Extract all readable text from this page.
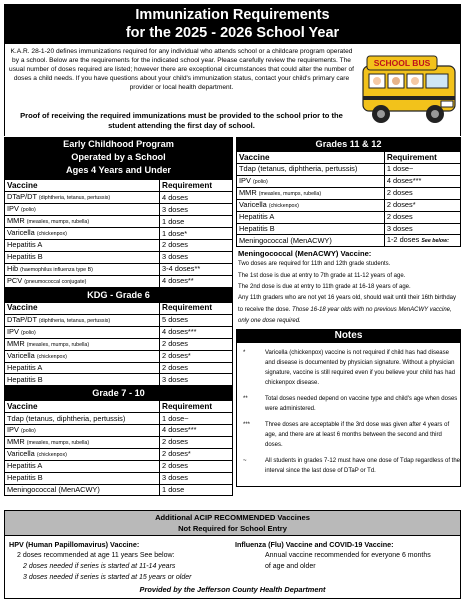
Immunization Requirements
for the 2025 - 2026 School Year
K.A.R. 28-1-20 defines immunizations required for any individual who attends school or a childcare program operated by a school. Below are the requirements for the indicated school year. Please carefully review the requirements. The usual number of doses required are listed; however there are exceptional circumstances that could alter the number of doses a child needs. If you have questions about your child's immunization status, contact your child's primary care provider or local health department.
Proof of receiving the required immunizations must be provided to the school prior to the student attending the first day of school.
SCHOOL BUS
Early Childhood Program
Operated by a School
Ages 4 Years and Under
Vaccine	Requirement
DTaP/DT (diphtheria, tetanus, pertussis)	4 doses
IPV (polio)	3 doses
MMR (measles, mumps, rubella)	1 dose
Varicella (chickenpox)	1 dose*
Hepatitis A	2 doses
Hepatitis B	3 doses
Hib (haemophilus influenza type B)	3-4 doses**
PCV (pneumococcal conjugate)	4 doses**
KDG - Grade 6
Vaccine	Requirement
DTaP/DT (diphtheria, tetanus, pertussis)	5 doses
IPV (polio)	4 doses***
MMR (measles, mumps, rubella)	2 doses
Varicella (chickenpox)	2 doses*
Hepatitis A	2 doses
Hepatitis B	3 doses
Grade 7 - 10
Vaccine	Requirement
Tdap (tetanus, diphtheria, pertussis)	1 dose~
IPV (polio)	4 doses***
MMR (measles, mumps, rubella)	2 doses
Varicella (chickenpox)	2 doses*
Hepatitis A	2 doses
Hepatitis B	3 doses
Meningococcal (MenACWY)	1 dose
Grades 11 & 12
Vaccine	Requirement
Tdap (tetanus, diphtheria, pertussis)	1 dose~
IPV (polio)	4 doses***
MMR (measles, mumps, rubella)	2 doses
Varicella (chickenpox)	2 doses*
Hepatitis A	2 doses
Hepatitis B	3 doses
Meningococcal (MenACWY)	1-2 doses See below:
Meningococcal (MenACWY) Vaccine:

Two doses are required for 11th and 12th grade students.

The 1st dose is due at entry to 7th grade at 11-12 years of age.

The 2nd dose is due at entry to 11th grade at 16-18 years of age.

Any 11th graders who are not yet 16 years old, should wait until their 16th birthday to receive the dose. Those 16-18 year olds with no previous MenACWY vaccine, only one dose required.

Notes
*	Varicella (chickenpox) vaccine is not required if child has had disease and disease is documented by physician signature. Without a physician signature, vaccine is still required even if you believe your child has had chickenpox disease.
**	Total doses needed depend on vaccine type and child's age when doses were administered.
*** Three doses are acceptable if the 3rd dose was given after 4 years of age, and there are at least 6 months between the second and third doses.
~	All students in grades 7-12 must have one dose of Tdap regardless of the interval since the last dose of DTaP or Td.
Additional ACIP RECOMMENDED Vaccines
Not Required for School Entry
HPV (Human Papillomavirus) Vaccine:
2 doses recommended at age 11 years See below:
2 doses needed if series is started at 11-14 years
3 doses needed if series is started at 15 years or older
Influenza (Flu) Vaccine and COVID-19 Vaccine:
Annual vaccine recommended for everyone 6 months
of age and older
Provided by the Jefferson County Health Department
